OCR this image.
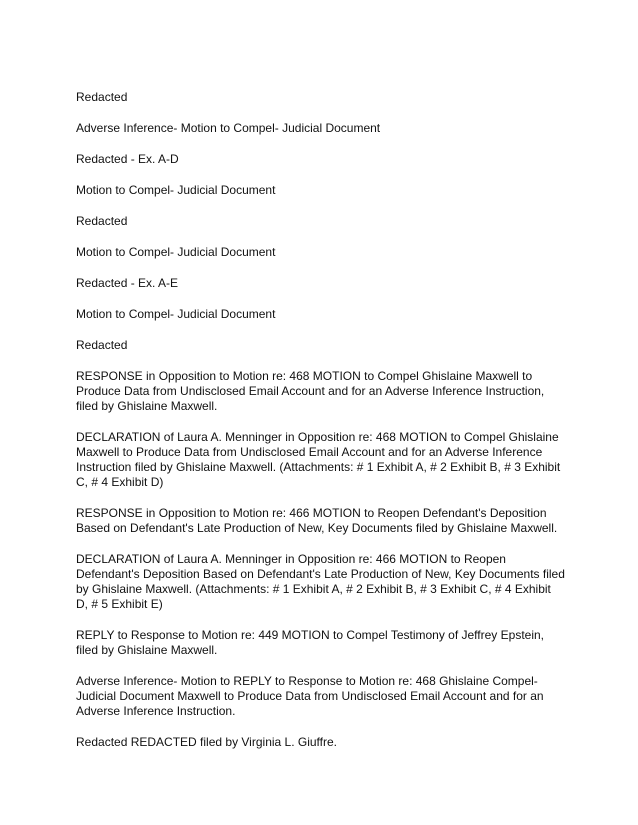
Redacted

Adverse Inference- Motion to Compel- Judicial Document

Redacted - Ex. A-D

Motion to Compel- Judicial Document

Redacted

Motion to Compel- Judicial Document

Redacted - Ex. A-E

Motion to Compel- Judicial Document

Redacted

RESPONSE in Opposition to Motion re: 468 MOTION to Compel Ghislaine Maxwell to Produce Data from Undisclosed Email Account and for an Adverse Inference Instruction, filed by Ghislaine Maxwell.

DECLARATION of Laura A. Menninger in Opposition re: 468 MOTION to Compel Ghislaine Maxwell to Produce Data from Undisclosed Email Account and for an Adverse Inference Instruction filed by Ghislaine Maxwell. (Attachments: # 1 Exhibit A, # 2 Exhibit B, # 3 Exhibit C, # 4 Exhibit D)

RESPONSE in Opposition to Motion re: 466 MOTION to Reopen Defendant's Deposition Based on Defendant's Late Production of New, Key Documents filed by Ghislaine Maxwell.

DECLARATION of Laura A. Menninger in Opposition re: 466 MOTION to Reopen Defendant's Deposition Based on Defendant's Late Production of New, Key Documents filed by Ghislaine Maxwell. (Attachments: # 1 Exhibit A, # 2 Exhibit B, # 3 Exhibit C, # 4 Exhibit D, # 5 Exhibit E)

REPLY to Response to Motion re: 449 MOTION to Compel Testimony of Jeffrey Epstein, filed by Ghislaine Maxwell.

Adverse Inference- Motion to REPLY to Response to Motion re: 468 Ghislaine Compel- Judicial Document Maxwell to Produce Data from Undisclosed Email Account and for an Adverse Inference Instruction.

Redacted REDACTED filed by Virginia L. Giuffre.
